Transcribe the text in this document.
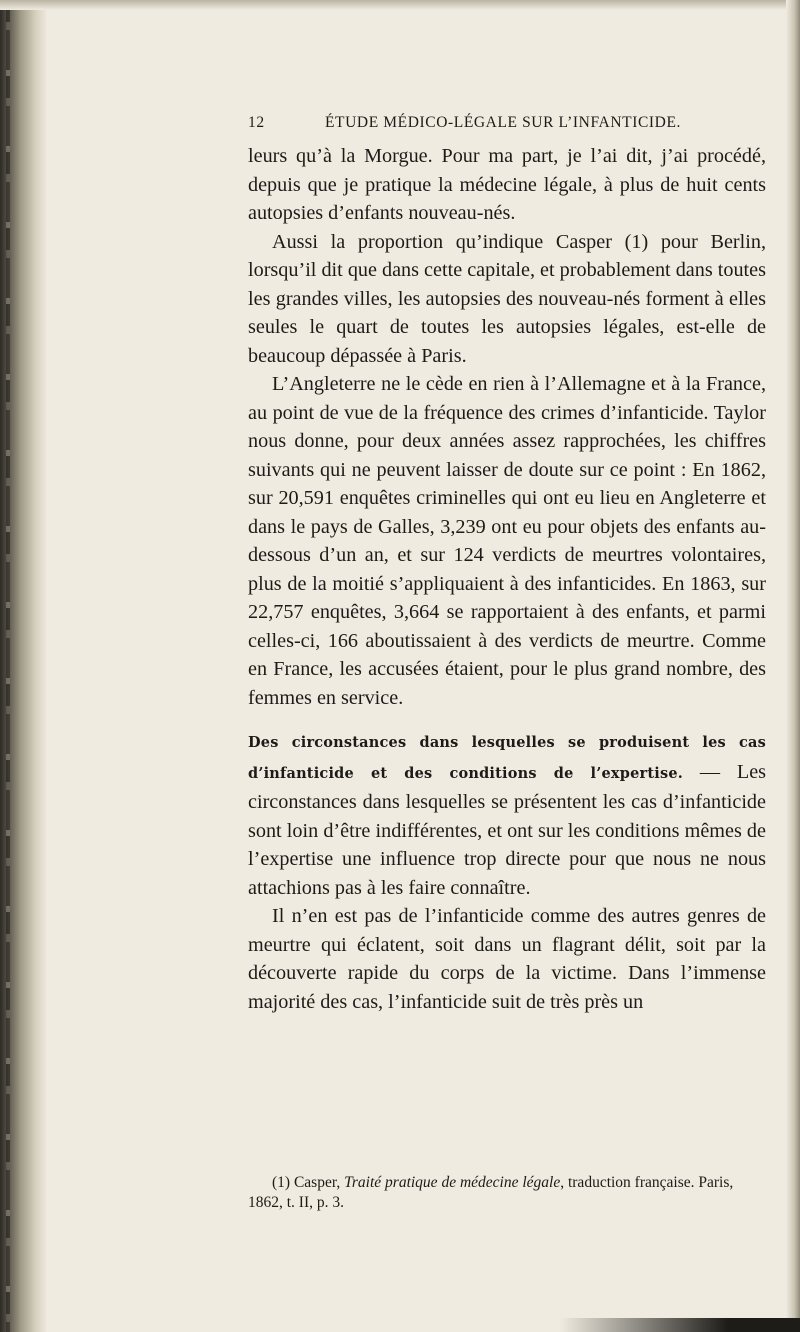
12	ÉTUDE MÉDICO-LÉGALE SUR L’INFANTICIDE.

leurs qu’à la Morgue. Pour ma part, je l’ai dit, j’ai procédé, depuis que je pratique la médecine légale, à plus de huit cents autopsies d’enfants nouveau-nés.

Aussi la proportion qu’indique Casper (1) pour Berlin, lorsqu’il dit que dans cette capitale, et probablement dans toutes les grandes villes, les autopsies des nouveau-nés forment à elles seules le quart de toutes les autopsies légales, est-elle de beaucoup dépassée à Paris.

L’Angleterre ne le cède en rien à l’Allemagne et à la France, au point de vue de la fréquence des crimes d’infanticide. Taylor nous donne, pour deux années assez rapprochées, les chiffres suivants qui ne peuvent laisser de doute sur ce point : En 1862, sur 20,591 enquêtes criminelles qui ont eu lieu en Angleterre et dans le pays de Galles, 3,239 ont eu pour objets des enfants au-dessous d’un an, et sur 124 verdicts de meurtres volontaires, plus de la moitié s’appliquaient à des infanticides. En 1863, sur 22,757 enquêtes, 3,664 se rapportaient à des enfants, et parmi celles-ci, 166 aboutissaient à des verdicts de meurtre. Comme en France, les accusées étaient, pour le plus grand nombre, des femmes en service.

Des circonstances dans lesquelles se produisent les cas d’infanticide et des conditions de l’expertise. — Les circonstances dans lesquelles se présentent les cas d’infanticide sont loin d’être indifférentes, et ont sur les conditions mêmes de l’expertise une influence trop directe pour que nous ne nous attachions pas à les faire connaître.

Il n’en est pas de l’infanticide comme des autres genres de meurtre qui éclatent, soit dans un flagrant délit, soit par la découverte rapide du corps de la victime. Dans l’immense majorité des cas, l’infanticide suit de très près un

(1) Casper, Traité pratique de médecine légale, traduction française. Paris, 1862, t. II, p. 3.
